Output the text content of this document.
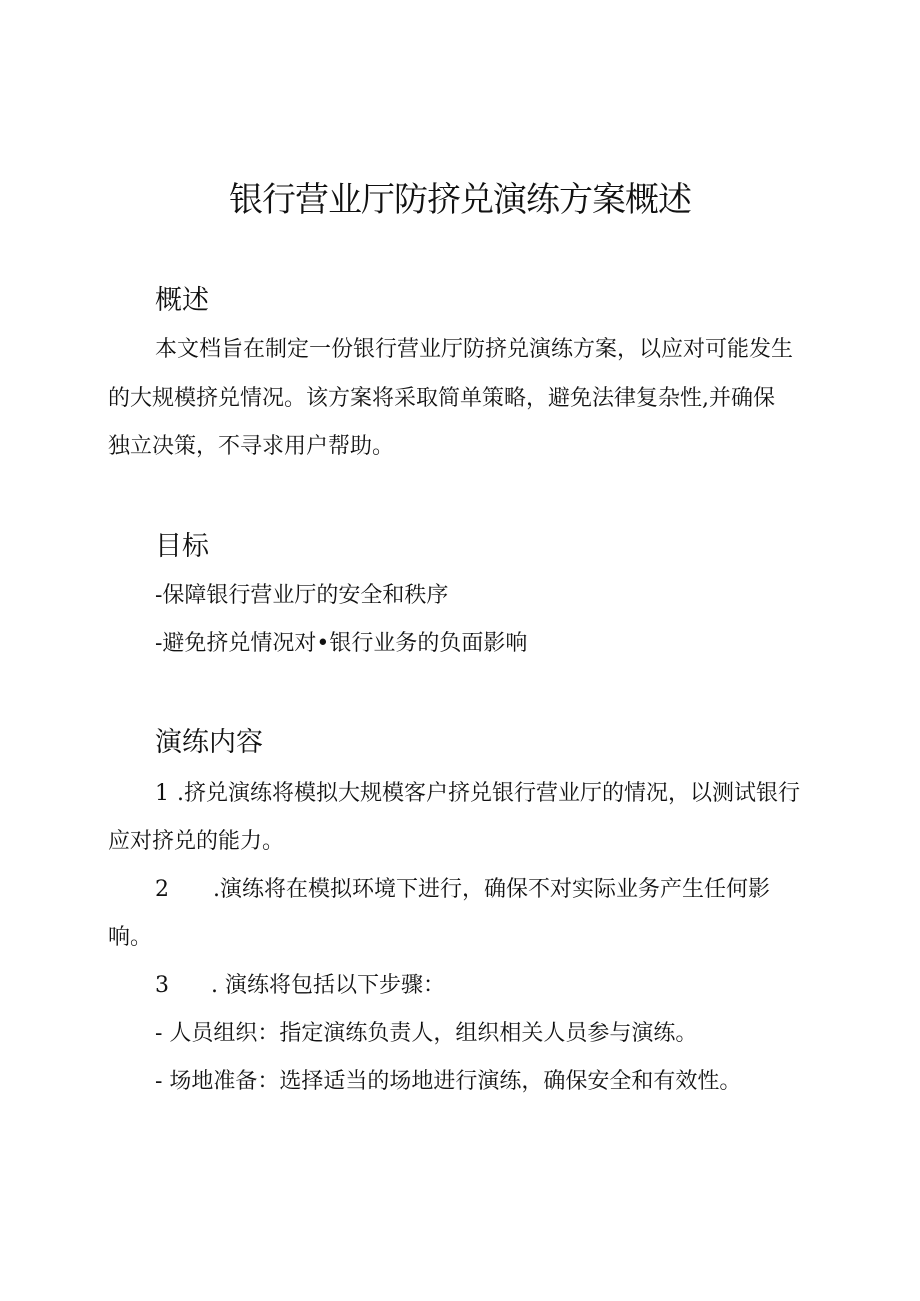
银行营业厅防挤兑演练方案概述
概述

本文档旨在制定一份银行营业厅防挤兑演练方案，以应对可能发生

的大规模挤兑情况。该方案将采取简单策略，避免法律复杂性,并确保

独立决策，不寻求用户帮助。

目标

-保障银行营业厅的安全和秩序

-避免挤兑情况对•银行业务的负面影响

演练内容

1 .挤兑演练将模拟大规模客户挤兑银行营业厅的情况，以测试银行

应对挤兑的能力。

2 .演练将在模拟环境下进行，确保不对实际业务产生任何影

响。

3 . 演练将包括以下步骤：

- 人员组织：指定演练负责人，组织相关人员参与演练。

- 场地准备：选择适当的场地进行演练，确保安全和有效性。
